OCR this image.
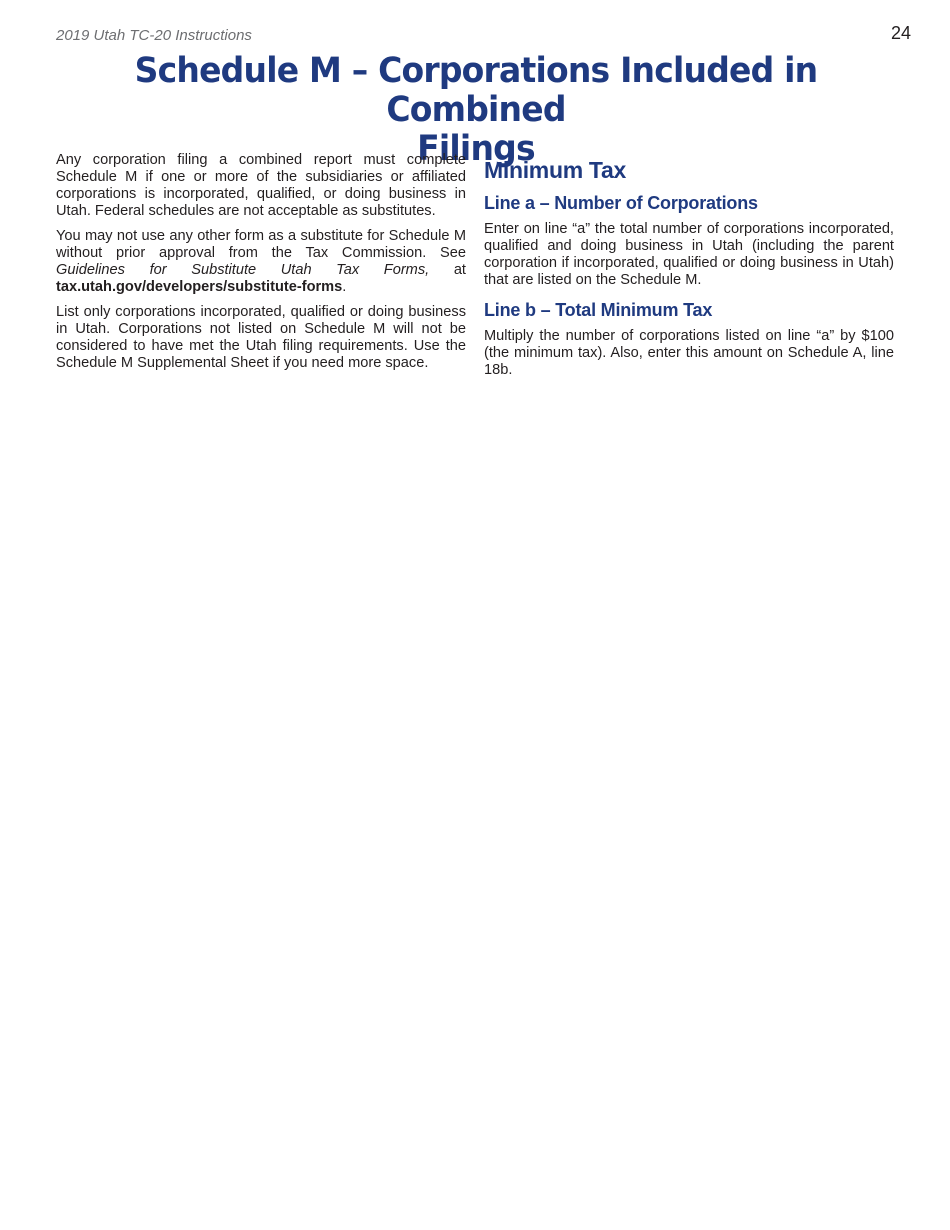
2019 Utah TC-20 Instructions	24
Schedule M – Corporations Included in Combined
Filings

Any corporation filing a combined report must complete Schedule M if one or more of the subsidiaries or affiliated corporations is incorporated, qualified, or doing business in Utah. Federal schedules are not acceptable as substitutes.

You may not use any other form as a substitute for Schedule M without prior approval from the Tax Commission. See Guidelines for Substitute Utah Tax Forms, at tax.utah.gov/developers/substitute-forms.

List only corporations incorporated, qualified or doing business in Utah. Corporations not listed on Schedule M will not be considered to have met the Utah filing requirements. Use the Schedule M Supplemental Sheet if you need more space.

Minimum Tax
Line a – Number of Corporations

Enter on line “a” the total number of corporations incorporated, qualified and doing business in Utah (including the parent corporation if incorporated, qualified or doing business in Utah) that are listed on the Schedule M.

Line b – Total Minimum Tax

Multiply the number of corporations listed on line “a” by $100 (the minimum tax). Also, enter this amount on Schedule A, line 18b.
